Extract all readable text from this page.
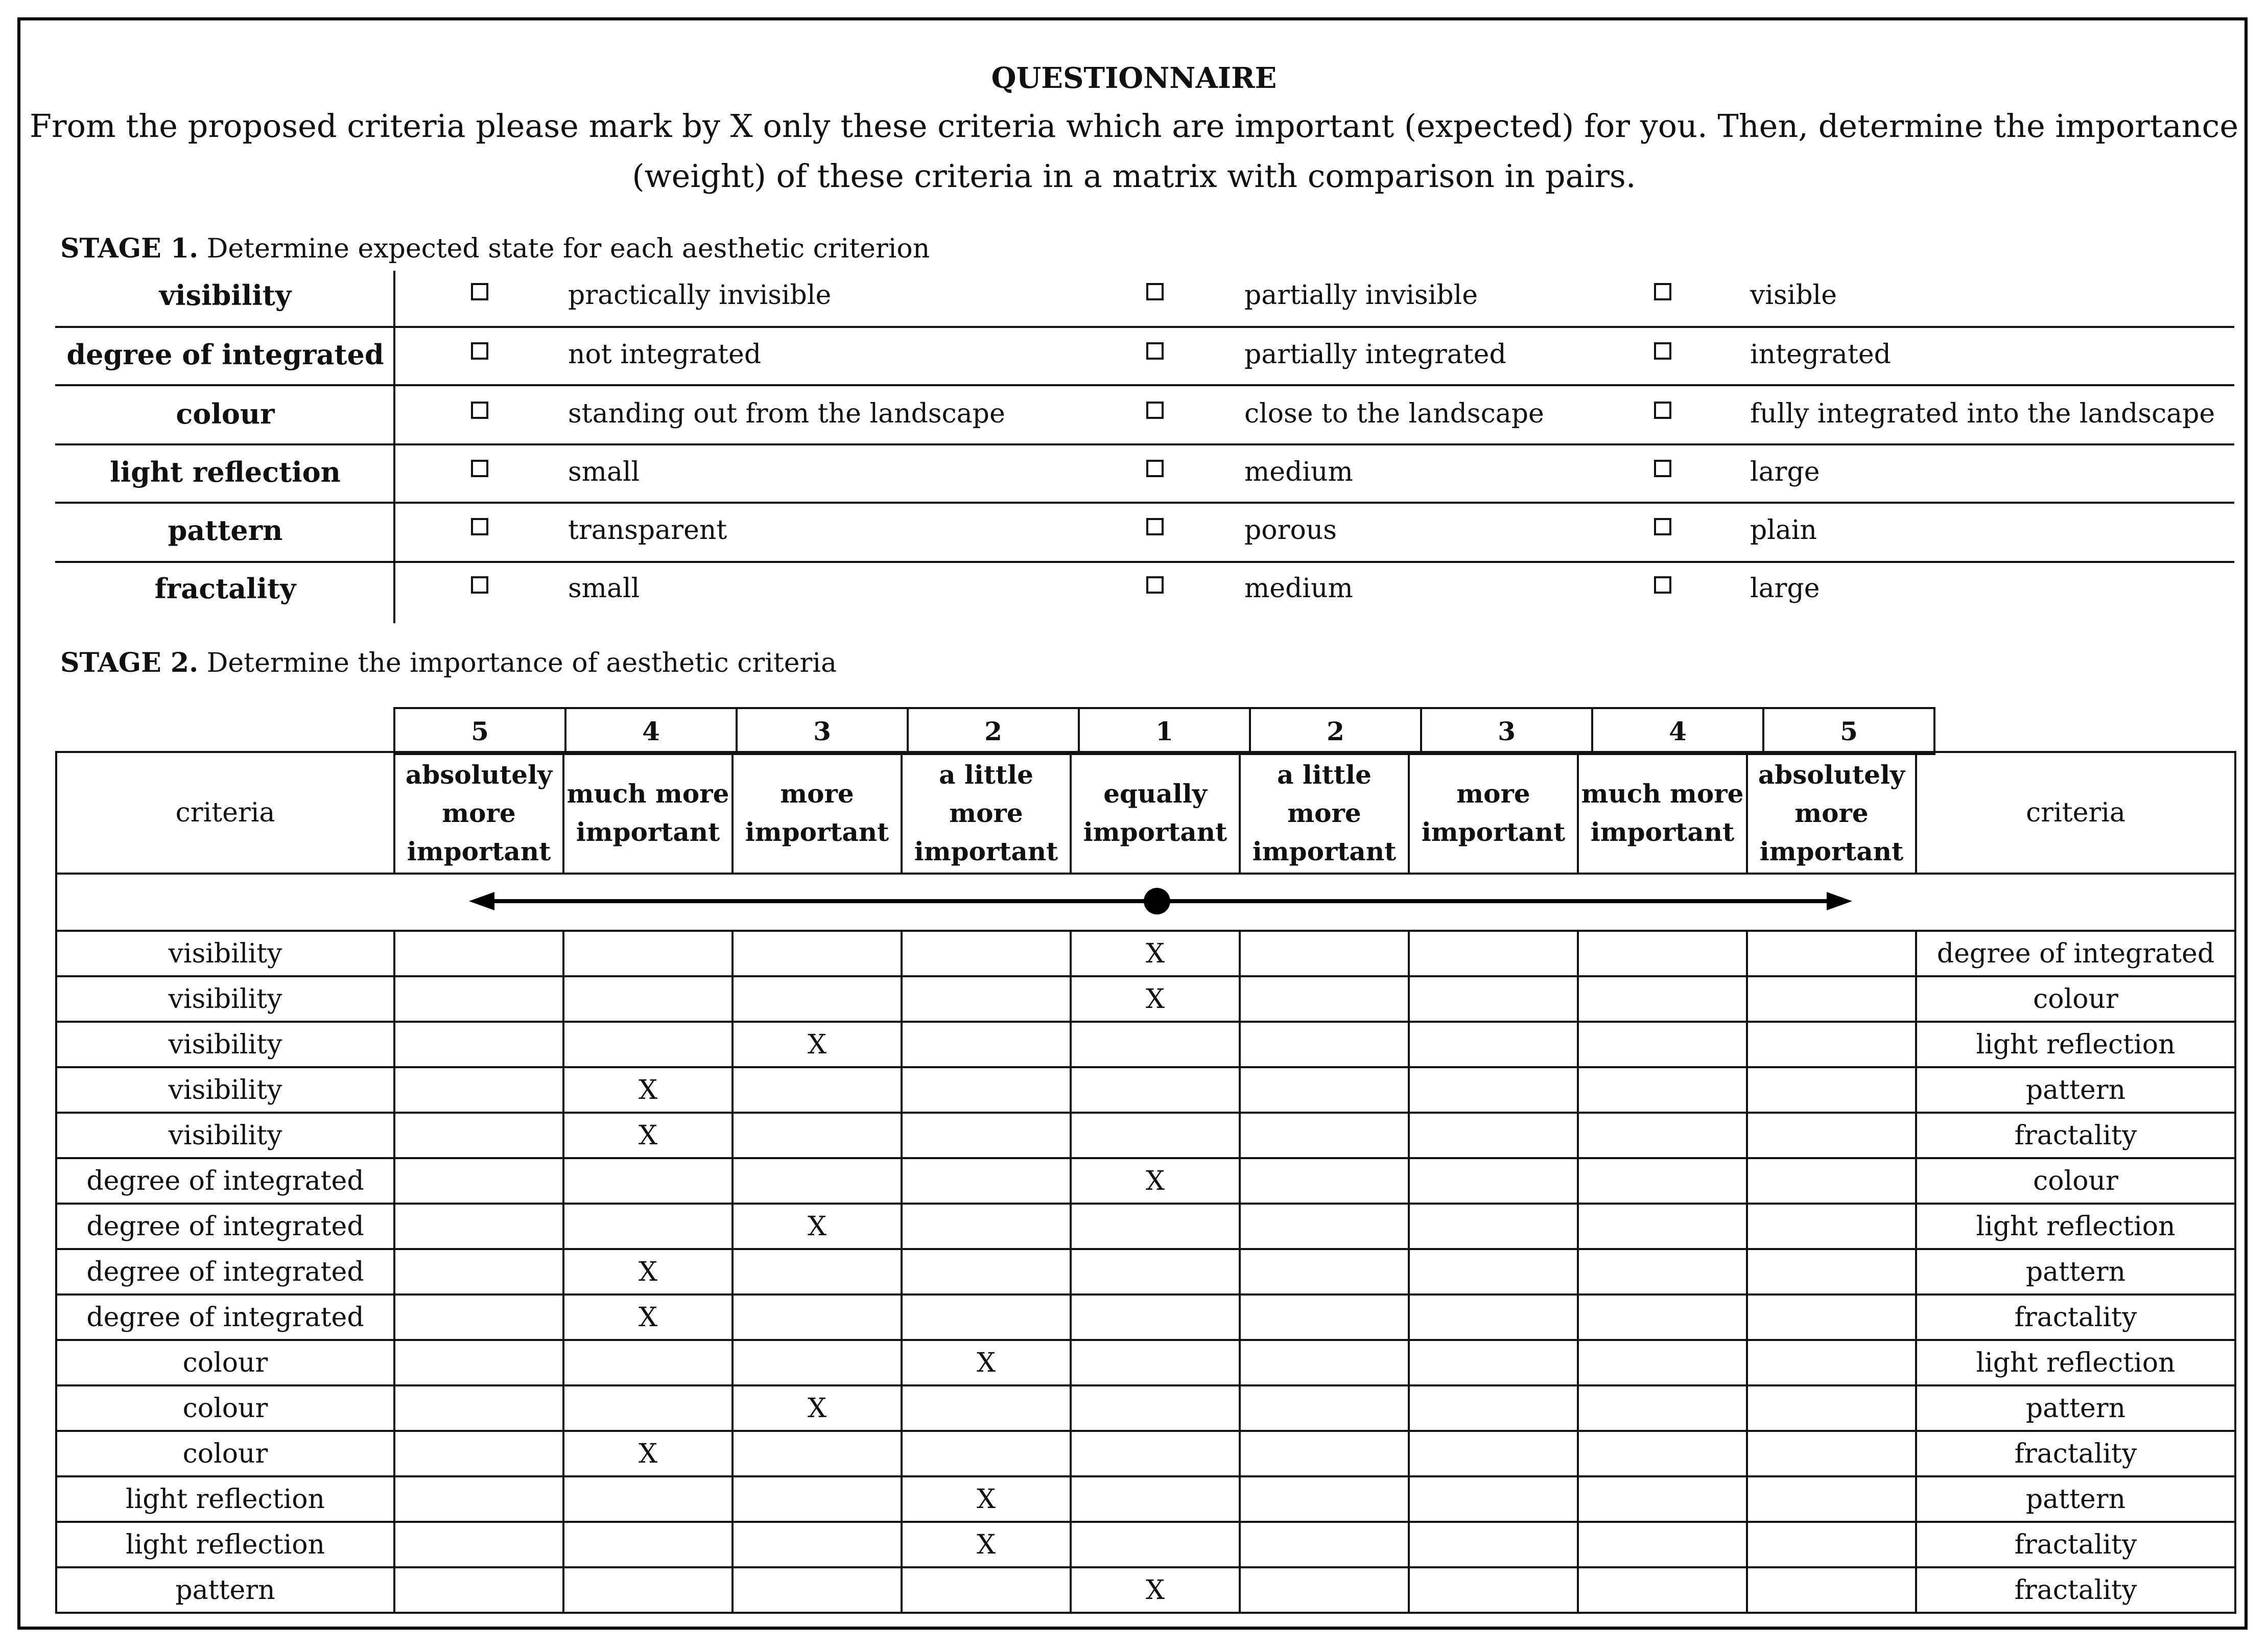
QUESTIONNAIRE
From the proposed criteria please mark by X only these criteria which are important (expected) for you. Then, determine the importance
(weight) of these criteria in a matrix with comparison in pairs.
STAGE 1. Determine expected state for each aesthetic criterion
visibility	practically invisible	partially invisible	visible
degree of integrated	not integrated	partially integrated	integrated
colour	standing out from the landscape	close to the landscape	fully integrated into the landscape
light reflection	small	medium	large
pattern	transparent	porous	plain
fractality	small	medium	large
STAGE 2. Determine the importance of aesthetic criteria
5	4	3	2	1	2	3	4	5
criteria	absolutely more important	much more important	more important	a little more important	equally important	a little more important	more important	much more important	absolutely more important	criteria

visibility					X					degree of integrated
visibility					X					colour
visibility			X							light reflection
visibility		X								pattern
visibility		X								fractality
degree of integrated					X					colour
degree of integrated			X							light reflection
degree of integrated		X								pattern
degree of integrated		X								fractality
colour				X						light reflection
colour			X							pattern
colour		X								fractality
light reflection				X						pattern
light reflection				X						fractality
pattern					X					fractality
